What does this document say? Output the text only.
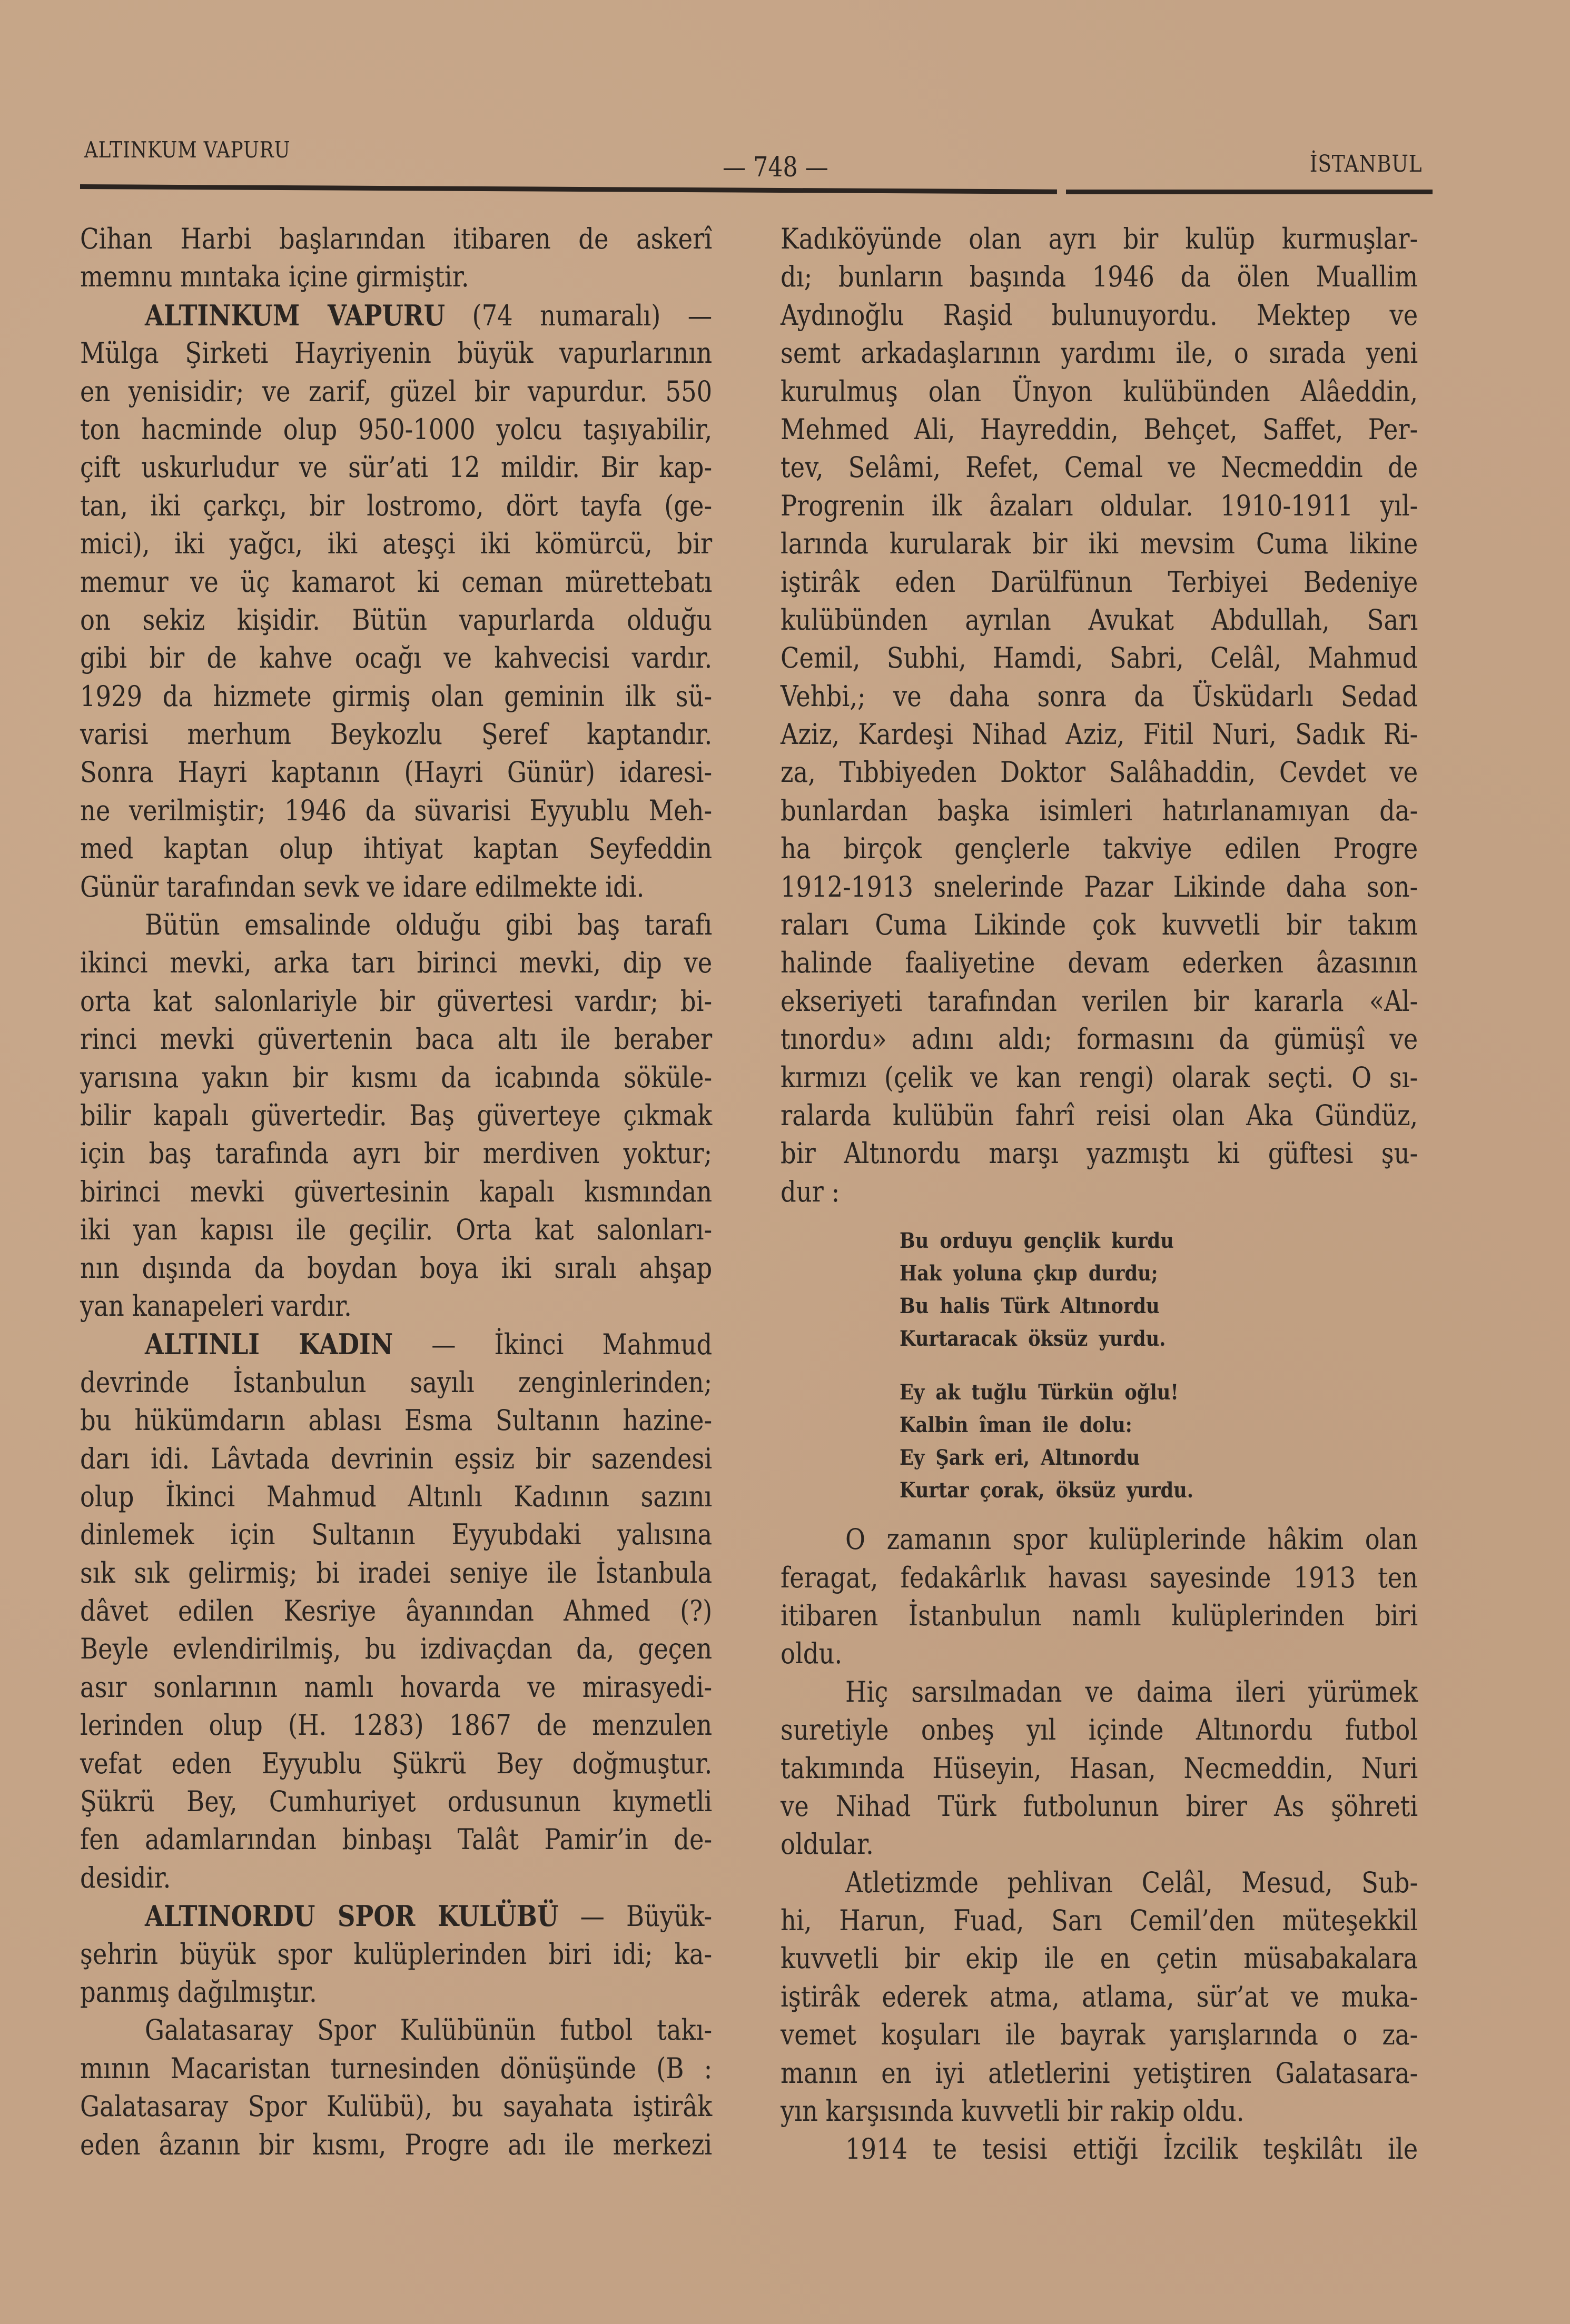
ALTINKUM VAPURU
— 748 —	İSTANBUL
Cihan Harbi başlarından itibaren de askerî
memnu mıntaka içine girmiştir.
ALTINKUM VAPURU (74 numaralı) —
Mülga Şirketi Hayriyenin büyük vapurlarının
en yenisidir; ve zarif, güzel bir vapurdur. 550
ton hacminde olup 950-1000 yolcu taşıyabilir,
çift uskurludur ve sür’ati 12 mildir. Bir kap-
tan, iki çarkçı, bir lostromo, dört tayfa (ge-
mici), iki yağcı, iki ateşçi iki kömürcü, bir
memur ve üç kamarot ki ceman mürettebatı
on sekiz kişidir. Bütün vapurlarda olduğu
gibi bir de kahve ocağı ve kahvecisi vardır.
1929 da hizmete girmiş olan geminin ilk sü-
varisi merhum Beykozlu Şeref kaptandır.
Sonra Hayri kaptanın (Hayri Günür) idaresi-
ne verilmiştir; 1946 da süvarisi Eyyublu Meh-
med kaptan olup ihtiyat kaptan Seyfeddin
Günür tarafından sevk ve idare edilmekte idi.
Bütün emsalinde olduğu gibi baş tarafı
ikinci mevki, arka tarı birinci mevki, dip ve
orta kat salonlariyle bir güvertesi vardır; bi-
rinci mevki güvertenin baca altı ile beraber
yarısına yakın bir kısmı da icabında söküle-
bilir kapalı güvertedir. Baş güverteye çıkmak
için baş tarafında ayrı bir merdiven yoktur;
birinci mevki güvertesinin kapalı kısmından
iki yan kapısı ile geçilir. Orta kat salonları-
nın dışında da boydan boya iki sıralı ahşap
yan kanapeleri vardır.
ALTINLI KADIN — İkinci Mahmud
devrinde İstanbulun sayılı zenginlerinden;
bu hükümdarın ablası Esma Sultanın hazine-
darı idi. Lâvtada devrinin eşsiz bir sazendesi
olup İkinci Mahmud Altınlı Kadının sazını
dinlemek için Sultanın Eyyubdaki yalısına
sık sık gelirmiş; bi iradei seniye ile İstanbula
dâvet edilen Kesriye âyanından Ahmed (?)
Beyle evlendirilmiş, bu izdivaçdan da, geçen
asır sonlarının namlı hovarda ve mirasyedi-
lerinden olup (H. 1283) 1867 de menzulen
vefat eden Eyyublu Şükrü Bey doğmuştur.
Şükrü Bey, Cumhuriyet ordusunun kıymetli
fen adamlarından binbaşı Talât Pamir’in de-
desidir.
ALTINORDU SPOR KULÜBÜ — Büyük-
şehrin büyük spor kulüplerinden biri idi; ka-
panmış dağılmıştır.
Galatasaray Spor Kulübünün futbol takı-
mının Macaristan turnesinden dönüşünde (B :
Galatasaray Spor Kulübü), bu sayahata iştirâk
eden âzanın bir kısmı, Progre adı ile merkezi
Kadıköyünde olan ayrı bir kulüp kurmuşlar-
dı; bunların başında 1946 da ölen Muallim
Aydınoğlu Raşid bulunuyordu. Mektep ve
semt arkadaşlarının yardımı ile, o sırada yeni
kurulmuş olan Ünyon kulübünden Alâeddin,
Mehmed Ali, Hayreddin, Behçet, Saffet, Per-
tev, Selâmi, Refet, Cemal ve Necmeddin de
Progrenin ilk âzaları oldular. 1910-1911 yıl-
larında kurularak bir iki mevsim Cuma likine
iştirâk eden Darülfünun Terbiyei Bedeniye
kulübünden ayrılan Avukat Abdullah, Sarı
Cemil, Subhi, Hamdi, Sabri, Celâl, Mahmud
Vehbi,; ve daha sonra da Üsküdarlı Sedad
Aziz, Kardeşi Nihad Aziz, Fitil Nuri, Sadık Ri-
za, Tıbbiyeden Doktor Salâhaddin, Cevdet ve
bunlardan başka isimleri hatırlanamıyan da-
ha birçok gençlerle takviye edilen Progre
1912-1913 snelerinde Pazar Likinde daha son-
raları Cuma Likinde çok kuvvetli bir takım
halinde faaliyetine devam ederken âzasının
ekseriyeti tarafından verilen bir kararla «Al-
tınordu» adını aldı; formasını da gümüşî ve
kırmızı (çelik ve kan rengi) olarak seçti. O sı-
ralarda kulübün fahrî reisi olan Aka Gündüz,
bir Altınordu marşı yazmıştı ki güftesi şu-
dur :
Bu orduyu gençlik kurdu
Hak yoluna çkıp durdu;
Bu halis Türk Altınordu
Kurtaracak öksüz yurdu.
Ey ak tuğlu Türkün oğlu!
Kalbin îman ile dolu:
Ey Şark eri, Altınordu
Kurtar çorak, öksüz yurdu.
O zamanın spor kulüplerinde hâkim olan
feragat, fedakârlık havası sayesinde 1913 ten
itibaren İstanbulun namlı kulüplerinden biri
oldu.
Hiç sarsılmadan ve daima ileri yürümek
suretiyle onbeş yıl içinde Altınordu futbol
takımında Hüseyin, Hasan, Necmeddin, Nuri
ve Nihad Türk futbolunun birer As şöhreti
oldular.
Atletizmde pehlivan Celâl, Mesud, Sub-
hi, Harun, Fuad, Sarı Cemil’den müteşekkil
kuvvetli bir ekip ile en çetin müsabakalara
iştirâk ederek atma, atlama, sür’at ve muka-
vemet koşuları ile bayrak yarışlarında o za-
manın en iyi atletlerini yetiştiren Galatasara-
yın karşısında kuvvetli bir rakip oldu.
1914 te tesisi ettiği İzcilik teşkilâtı ile
